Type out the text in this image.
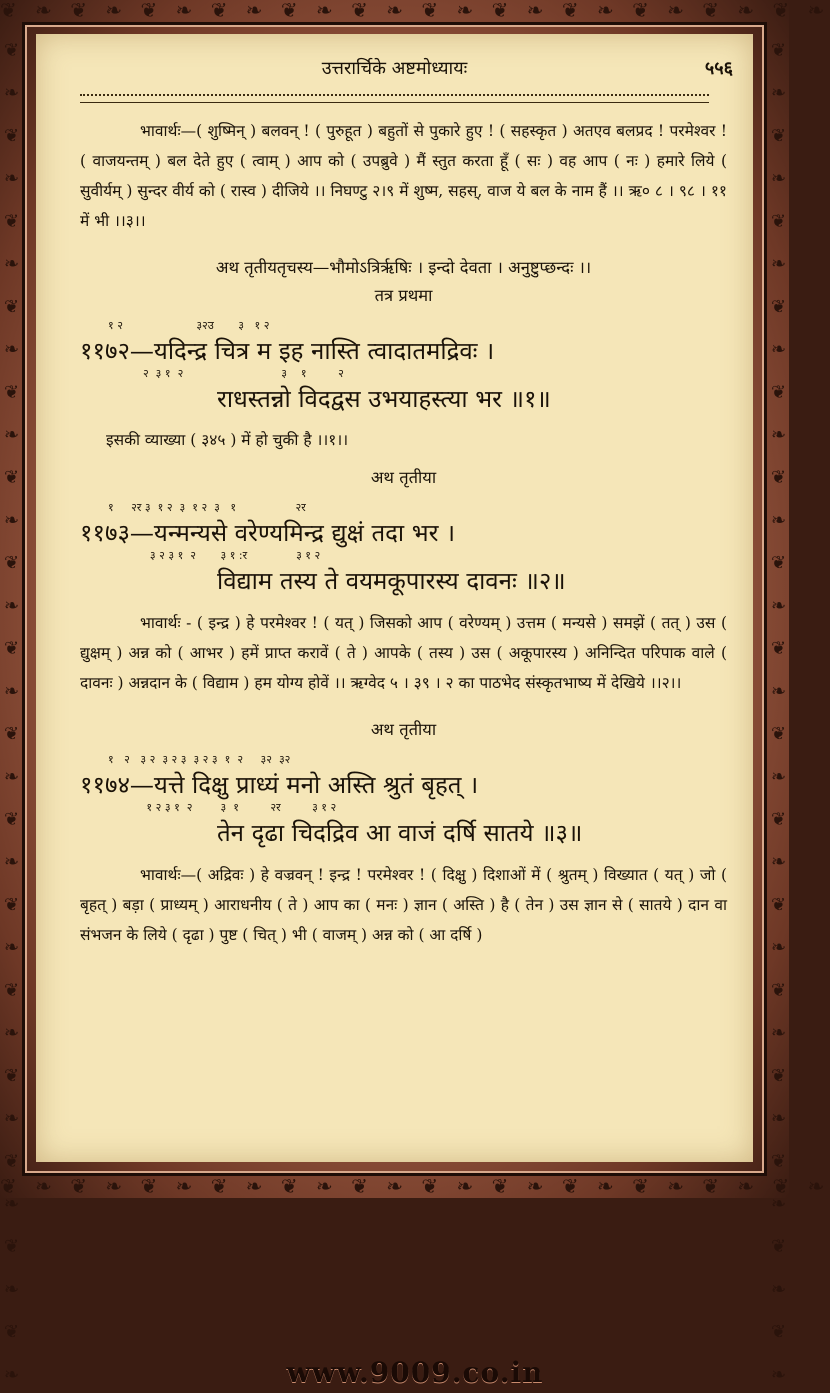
❦ ❧ ❦ ❧ ❦ ❧ ❦ ❧ ❦ ❧ ❦ ❧ ❦ ❧ ❦ ❧ ❦ ❧ ❦ ❧ ❦ ❧ ❦ ❧
❦ ❧ ❦ ❧ ❦ ❧ ❦ ❧ ❦ ❧ ❦ ❧ ❦ ❧ ❦ ❧ ❦ ❧ ❦ ❧ ❦ ❧ ❦ ❧
❦ ❧ ❦ ❧ ❦ ❧ ❦ ❧ ❦ ❧ ❦ ❧ ❦ ❧ ❦ ❧ ❦ ❧ ❦ ❧ ❦ ❧ ❦ ❧ ❦ ❧ ❦ ❧ ❦ ❧ ❦ ❧	❦ ❧ ❦ ❧ ❦ ❧ ❦ ❧ ❦ ❧ ❦ ❧ ❦ ❧ ❦ ❧ ❦ ❧ ❦ ❧ ❦ ❧ ❦ ❧ ❦ ❧ ❦ ❧ ❦ ❧ ❦ ❧
उत्तरार्चिके अष्टमोध्यायः	५५६

भावार्थः—( शुष्मिन् ) बलवन् ! ( पुरुहूत ) बहुतों से पुकारे हुए ! ( सहस्कृत ) अतएव बलप्रद ! परमेश्वर ! ( वाजयन्तम् ) बल देते हुए ( त्वाम् ) आप को ( उपब्रुवे ) मैं स्तुत करता हूँ ( सः ) वह आप ( नः ) हमारे लिये ( सुवीर्यम् ) सुन्दर वीर्य को ( रास्व ) दीजिये ।। निघण्टु २।९ में शुष्म, सहस्, वाज ये बल के नाम हैं ।। ऋ० ८ । ९८ । ११ में भी ।।३।।

अथ तृतीयतृचस्य—भौमोऽत्रिर्ऋषिः । इन्दो देवता । अनुष्टुप्छन्दः ।।

तत्र प्रथमा

१ २                     ३२उ       ३   १ २

११७२—यदिन्द्र चित्र म इह नास्ति त्वादातमद्रिवः ।

२  ३ १  २                            ३    १         २

राधस्तन्नो विदद्वस उभयाहस्त्या भर ॥१॥

इसकी व्याख्या ( ३४५ ) में हो चुकी है ।।१।।

अथ तृतीया

१     २र ३  १ २  ३  १ २  ३   १                 २र

११७३—यन्मन्यसे वरेण्यमिन्द्र द्युक्षं तदा भर ।

३ २ ३ १  २       ३ १ :र              ३ १ २

विद्याम तस्य ते वयमकूपारस्य दावनः ॥२॥

भावार्थः - ( इन्द्र ) हे परमेश्वर ! ( यत् ) जिसको आप ( वरेण्यम् ) उत्तम ( मन्यसे ) समझें ( तत् ) उस ( द्युक्षम् ) अन्न को ( आभर ) हमें प्राप्त करावें ( ते ) आपके ( तस्य ) उस ( अकूपारस्य ) अनिन्दित परिपाक वाले ( दावनः ) अन्नदान के ( विद्याम ) हम योग्य होवें ।। ऋग्वेद ५ । ३९ । २ का पाठभेद संस्कृतभाष्य में देखिये ।।२।।

अथ तृतीया

१   २   ३ २  ३ २ ३  ३ २ ३  १  २     ३२  ३२

११७४—यत्ते दिक्षु प्राध्यं मनो अस्ति श्रुतं बृहत् ।

१ २ ३ १  २        ३  १         २र         ३ १ २

तेन दृढा चिदद्रिव आ वाजं दर्षि सातये ॥३॥

भावार्थः—( अद्रिवः ) हे वज्रवन् ! इन्द्र ! परमेश्वर ! ( दिक्षु ) दिशाओं में ( श्रुतम् ) विख्यात ( यत् ) जो ( बृहत् ) बड़ा ( प्राध्यम् ) आराधनीय ( ते ) आप का ( मनः ) ज्ञान ( अस्ति ) है ( तेन ) उस ज्ञान से ( सातये ) दान वा संभजन के लिये ( दृढा ) पुष्ट ( चित् ) भी ( वाजम् ) अन्न को ( आ दर्षि )

www.9009.co.in
